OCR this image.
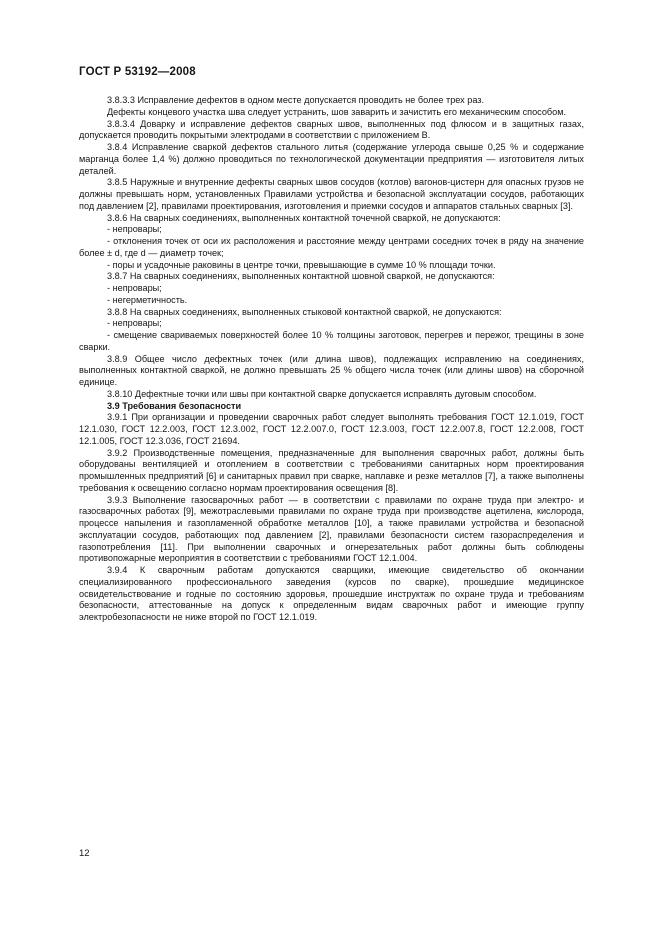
ГОСТ Р 53192—2008

3.8.3.3 Исправление дефектов в одном месте допускается проводить не более трех раз.

Дефекты концевого участка шва следует устранить, шов заварить и зачистить его механическим способом.

3.8.3.4 Доварку и исправление дефектов сварных швов, выполненных под флюсом и в защитных газах, допускается проводить покрытыми электродами в соответствии с приложением В.

3.8.4 Исправление сваркой дефектов стального литья (содержание углерода свыше 0,25 % и содержание марганца более 1,4 %) должно проводиться по технологической документации предприятия — изготовителя литых деталей.

3.8.5 Наружные и внутренние дефекты сварных швов сосудов (котлов) вагонов-цистерн для опасных грузов не должны превышать норм, установленных Правилами устройства и безопасной эксплуатации сосудов, работающих под давлением [2], правилами проектирования, изготовления и приемки сосудов и аппаратов стальных сварных [3].

3.8.6 На сварных соединениях, выполненных контактной точечной сваркой, не допускаются:

- непровары;

- отклонения точек от оси их расположения и расстояние между центрами соседних точек в ряду на значение более ± d, где d — диаметр точек;

- поры и усадочные раковины в центре точки, превышающие в сумме 10 % площади точки.

3.8.7 На сварных соединениях, выполненных контактной шовной сваркой, не допускаются:

- непровары;

- негерметичность.

3.8.8 На сварных соединениях, выполненных стыковой контактной сваркой, не допускаются:

- непровары;

- смещение свариваемых поверхностей более 10 % толщины заготовок, перегрев и пережог, трещины в зоне сварки.

3.8.9 Общее число дефектных точек (или длина швов), подлежащих исправлению на соединениях, выполненных контактной сваркой, не должно превышать 25 % общего числа точек (или длины швов) на сборочной единице.

3.8.10 Дефектные точки или швы при контактной сварке допускается исправлять дуговым способом.

3.9 Требования безопасности

3.9.1 При организации и проведении сварочных работ следует выполнять требования ГОСТ 12.1.019, ГОСТ 12.1.030, ГОСТ 12.2.003, ГОСТ 12.3.002, ГОСТ 12.2.007.0, ГОСТ 12.3.003, ГОСТ 12.2.007.8, ГОСТ 12.2.008, ГОСТ 12.1.005, ГОСТ 12.3.036, ГОСТ 21694.

3.9.2 Производственные помещения, предназначенные для выполнения сварочных работ, должны быть оборудованы вентиляцией и отоплением в соответствии с требованиями санитарных норм проектирования промышленных предприятий [6] и санитарных правил при сварке, наплавке и резке металлов [7], а также выполнены требования к освещению согласно нормам проектирования освещения [8].

3.9.3 Выполнение газосварочных работ — в соответствии с правилами по охране труда при электро- и газосварочных работах [9], межотраслевыми правилами по охране труда при производстве ацетилена, кислорода, процессе напыления и газопламенной обработке металлов [10], а также правилами устройства и безопасной эксплуатации сосудов, работающих под давлением [2], правилами безопасности систем газораспределения и газопотребления [11]. При выполнении сварочных и огнерезательных работ должны быть соблюдены противопожарные мероприятия в соответствии с требованиями ГОСТ 12.1.004.

3.9.4 К сварочным работам допускаются сварщики, имеющие свидетельство об окончании специализированного профессионального заведения (курсов по сварке), прошедшие медицинское освидетельствование и годные по состоянию здоровья, прошедшие инструктаж по охране труда и требованиям безопасности, аттестованные на допуск к определенным видам сварочных работ и имеющие группу электробезопасности не ниже второй по ГОСТ 12.1.019.

12
